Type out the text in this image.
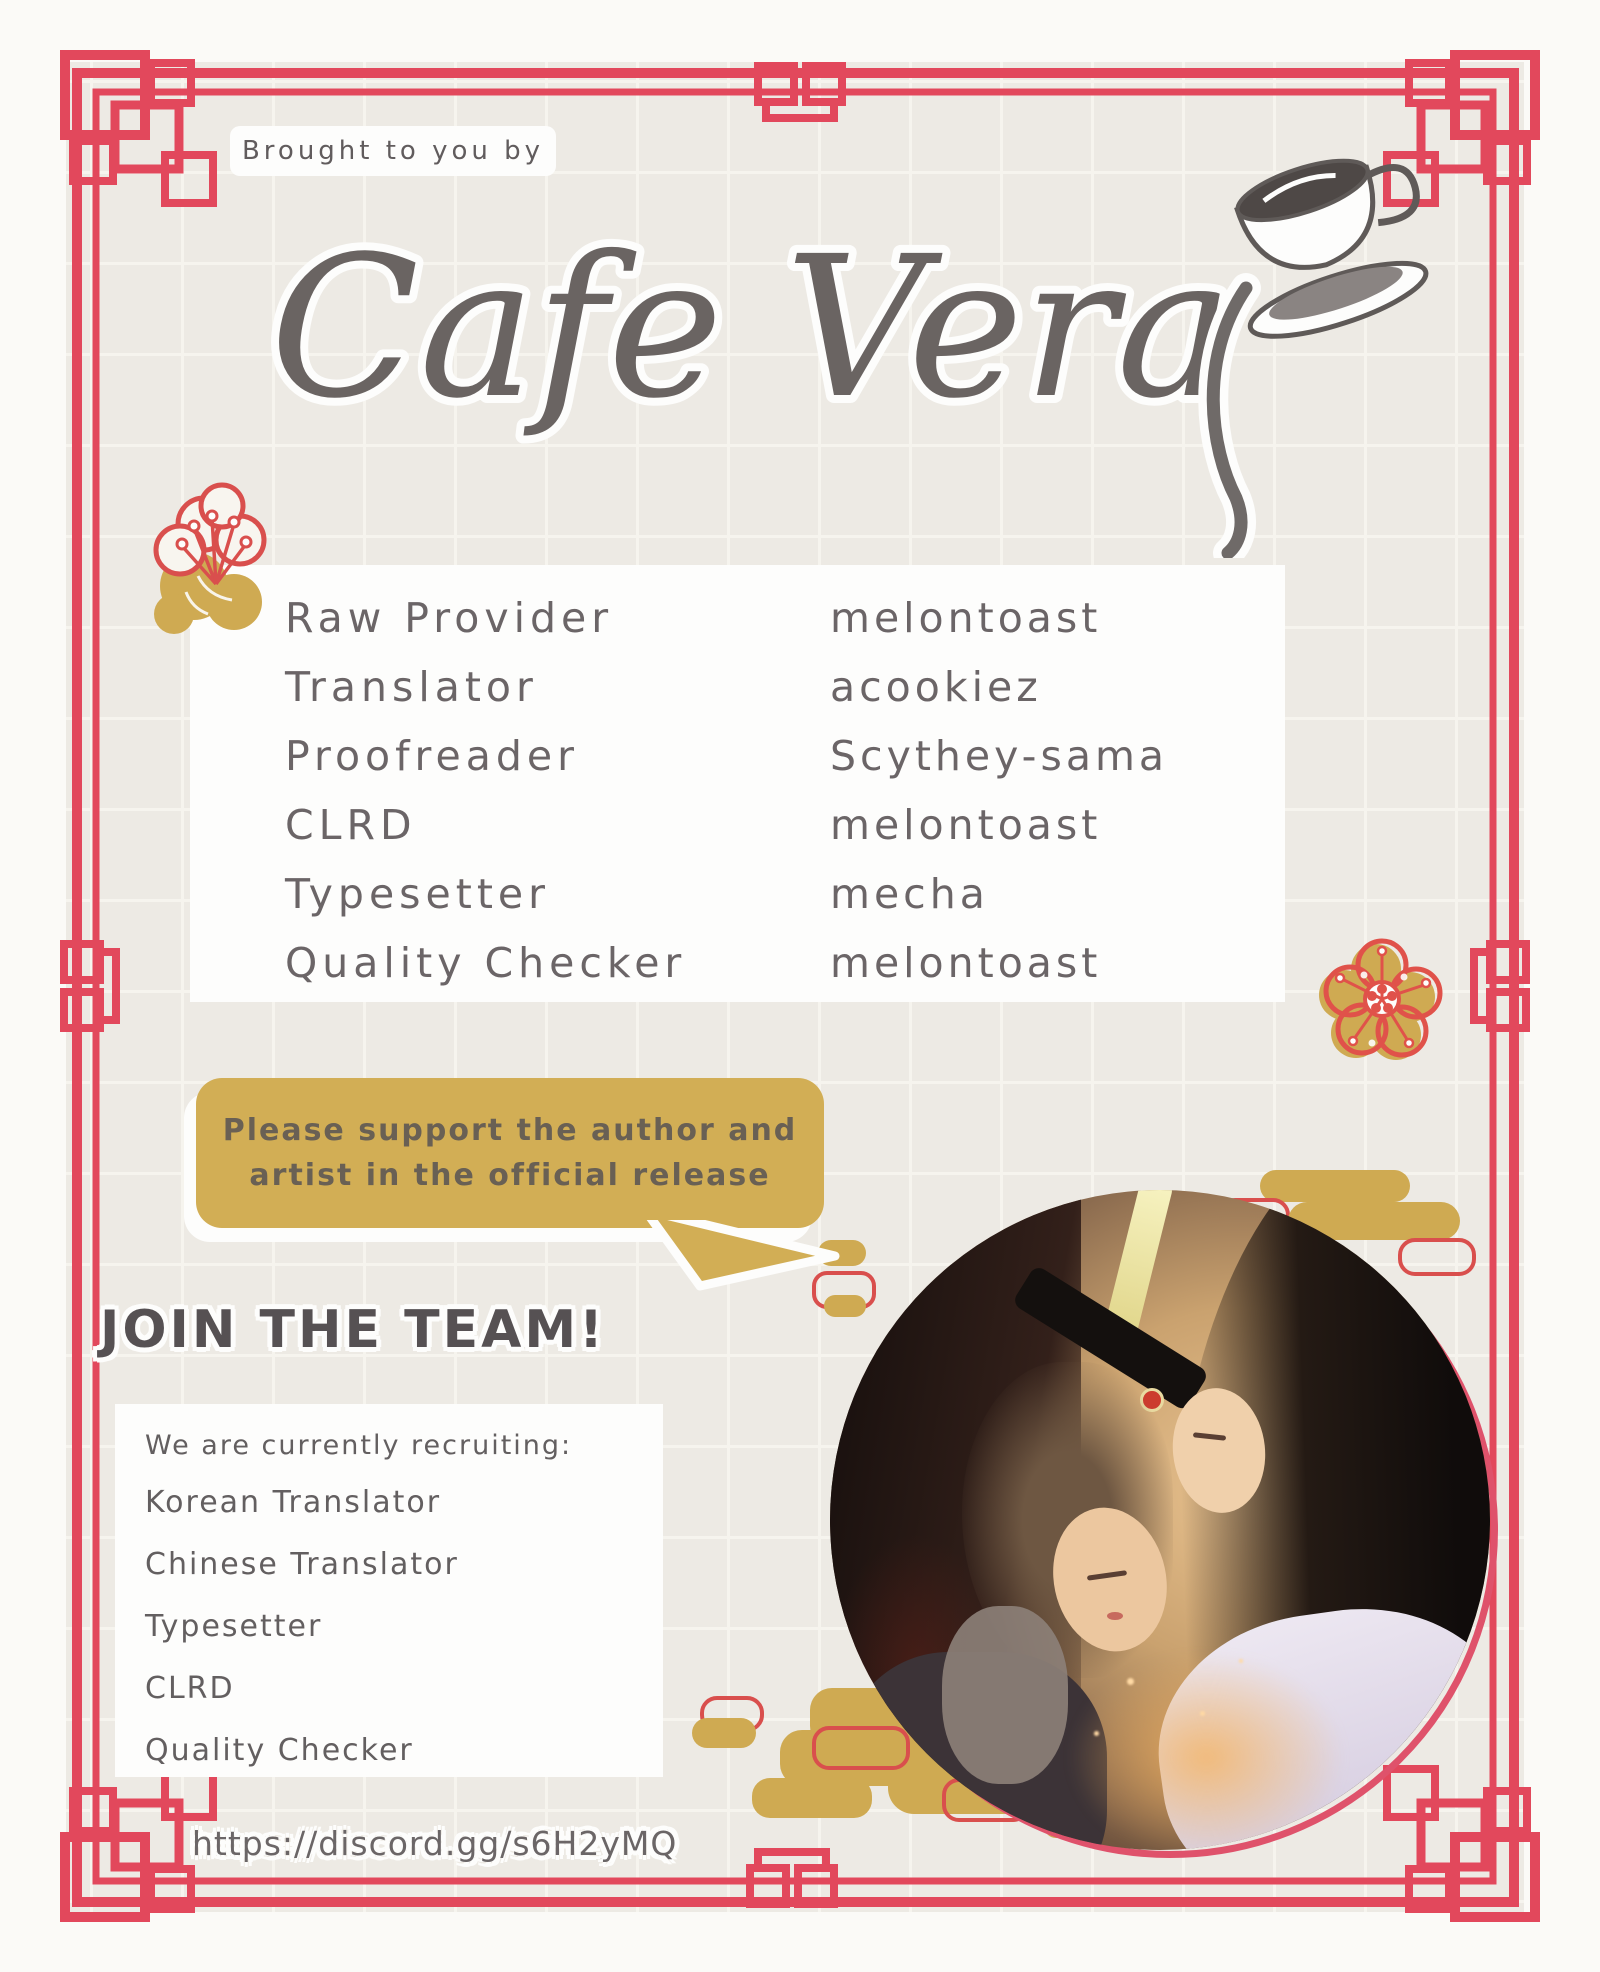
Brought to you by
Cafe Vera
Raw Provider	melontoast
Translator	acookiez
Proofreader	Scythey-sama
CLRD	melontoast
Typesetter	mecha
Quality Checker	melontoast
Please support the author and
artist in the official release
JOIN THE TEAM!
We are currently recruiting:
Korean Translator
Chinese Translator
Typesetter
CLRD
Quality Checker
https://discord.gg/s6H2yMQ
